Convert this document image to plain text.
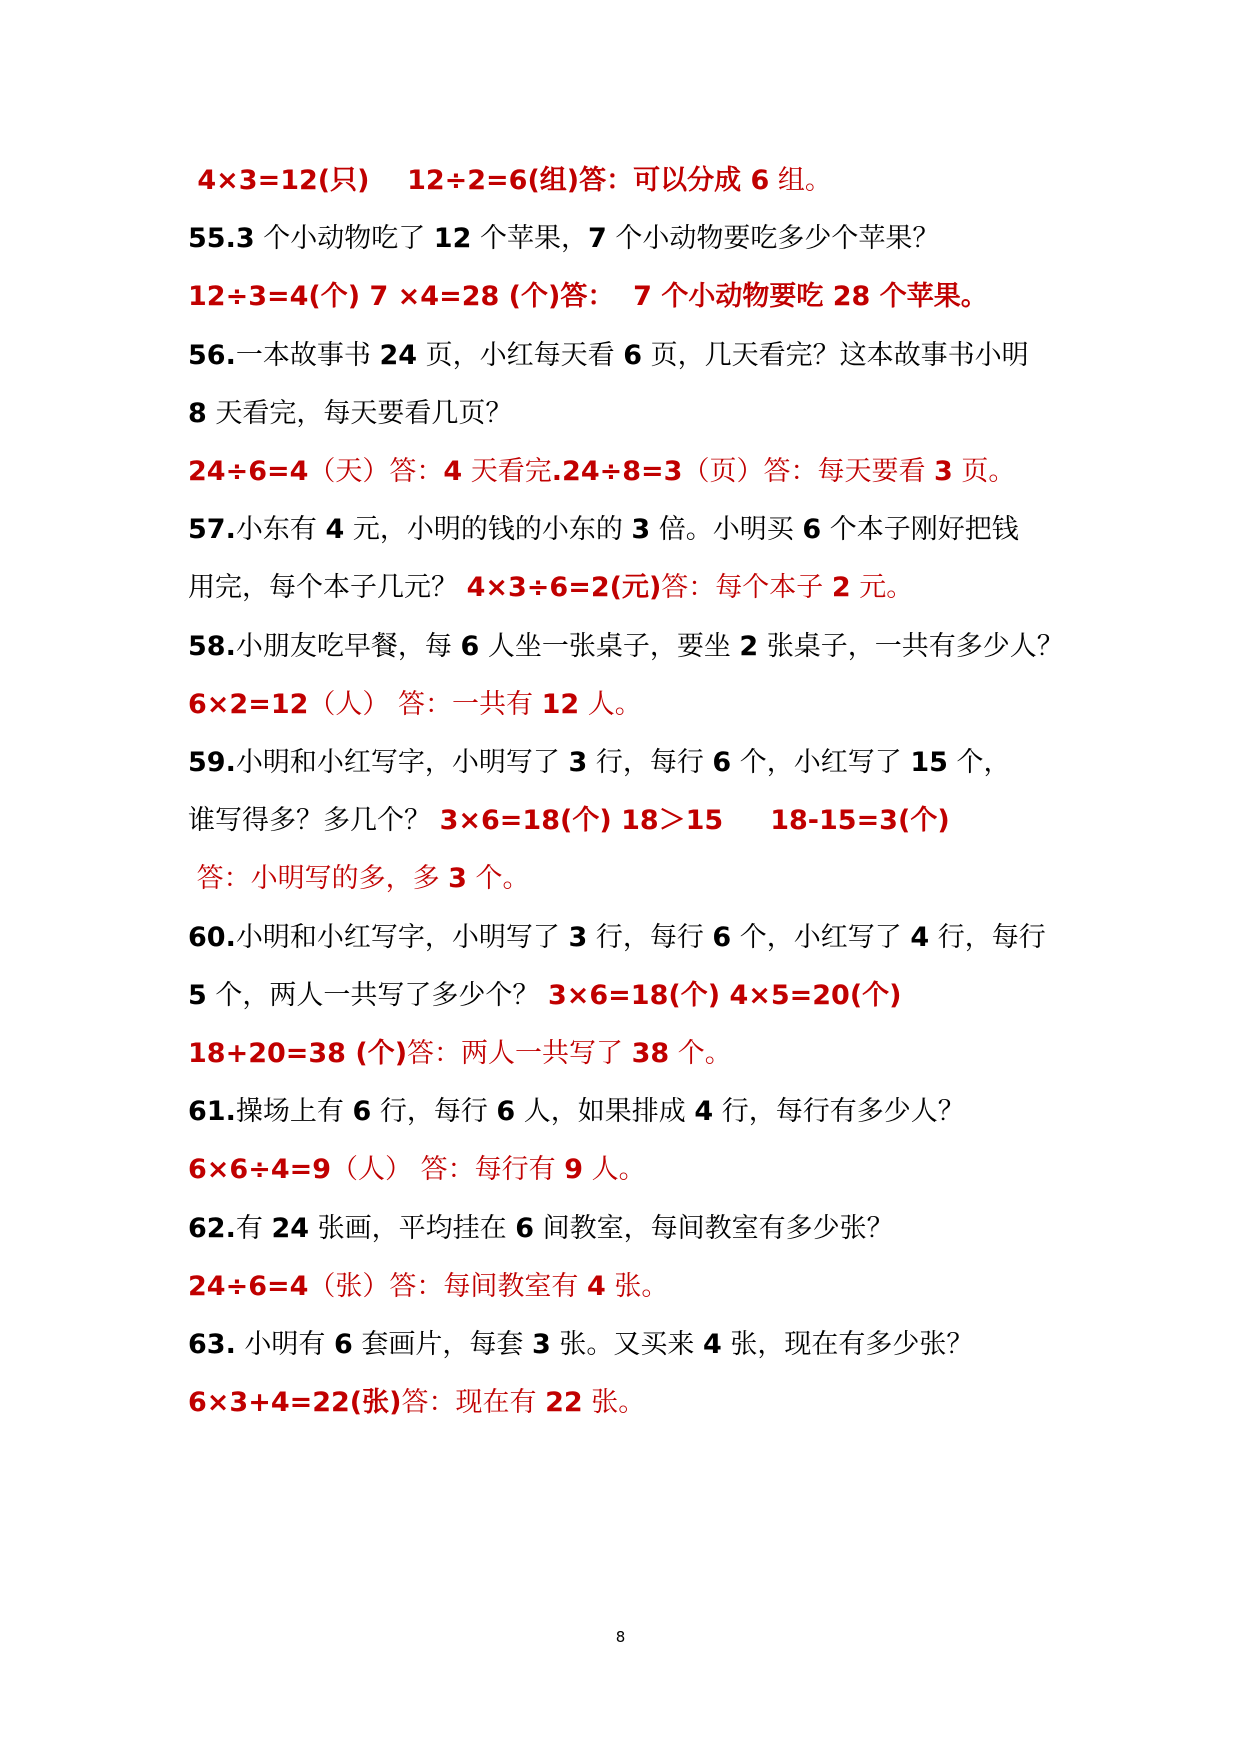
4×3=12(只)    12÷2=6(组)答：可以分成 6 组。
55.3 个小动物吃了 12 个苹果，7 个小动物要吃多少个苹果？
12÷3=4(个) 7 ×4=28 (个)答：  7 个小动物要吃 28 个苹果。
56.一本故事书 24 页，小红每天看 6 页，几天看完？这本故事书小明
8 天看完，每天要看几页？
24÷6=4（天）答：4 天看完.24÷8=3（页）答：每天要看 3 页。
57.小东有 4 元，小明的钱的小东的 3 倍。小明买 6 个本子刚好把钱
用完，每个本子几元？ 4×3÷6=2(元)答：每个本子 2 元。
58.小朋友吃早餐，每 6 人坐一张桌子，要坐 2 张桌子，一共有多少人？
6×2=12（人） 答：一共有 12 人。
59.小明和小红写字，小明写了 3 行，每行 6 个，小红写了 15 个，
谁写得多？多几个？ 3×6=18(个) 18＞15     18-15=3(个)
答：小明写的多，多 3 个。
60.小明和小红写字，小明写了 3 行，每行 6 个，小红写了 4 行，每行
5 个，两人一共写了多少个？ 3×6=18(个) 4×5=20(个)
18+20=38 (个)答：两人一共写了 38 个。
61.操场上有 6 行，每行 6 人，如果排成 4 行，每行有多少人？
6×6÷4=9（人） 答：每行有 9 人。
62.有 24 张画，平均挂在 6 间教室，每间教室有多少张？
24÷6=4（张）答：每间教室有 4 张。
63. 小明有 6 套画片，每套 3 张。又买来 4 张，现在有多少张？
6×3+4=22(张)答：现在有 22 张。
8
